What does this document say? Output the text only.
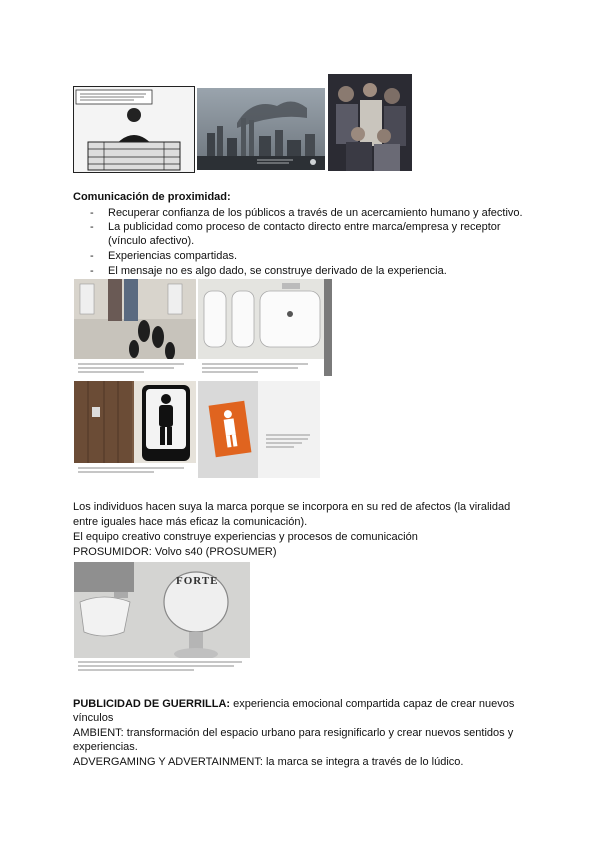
Comunicación de proximidad:
- Recuperar confianza de los públicos a través de un acercamiento humano y afectivo.
- La publicidad como proceso de contacto directo entre marca/empresa y receptor
(vínculo afectivo).
- Experiencias compartidas.
- El mensaje no es algo dado, se construye derivado de la experiencia.
Los individuos hacen suya la marca porque se incorpora en su red de afectos (la viralidad
entre iguales hace más eficaz la comunicación).
El equipo creativo construye experiencias y procesos de comunicación
PROSUMIDOR: Volvo s40 (PROSUMER)
FORTE
PUBLICIDAD DE GUERRILLA: experiencia emocional compartida capaz de crear nuevos
vínculos
AMBIENT: transformación del espacio urbano para resignificarlo y crear nuevos sentidos y
experiencias.
ADVERGAMING Y ADVERTAINMENT: la marca se integra a través de lo lúdico.
